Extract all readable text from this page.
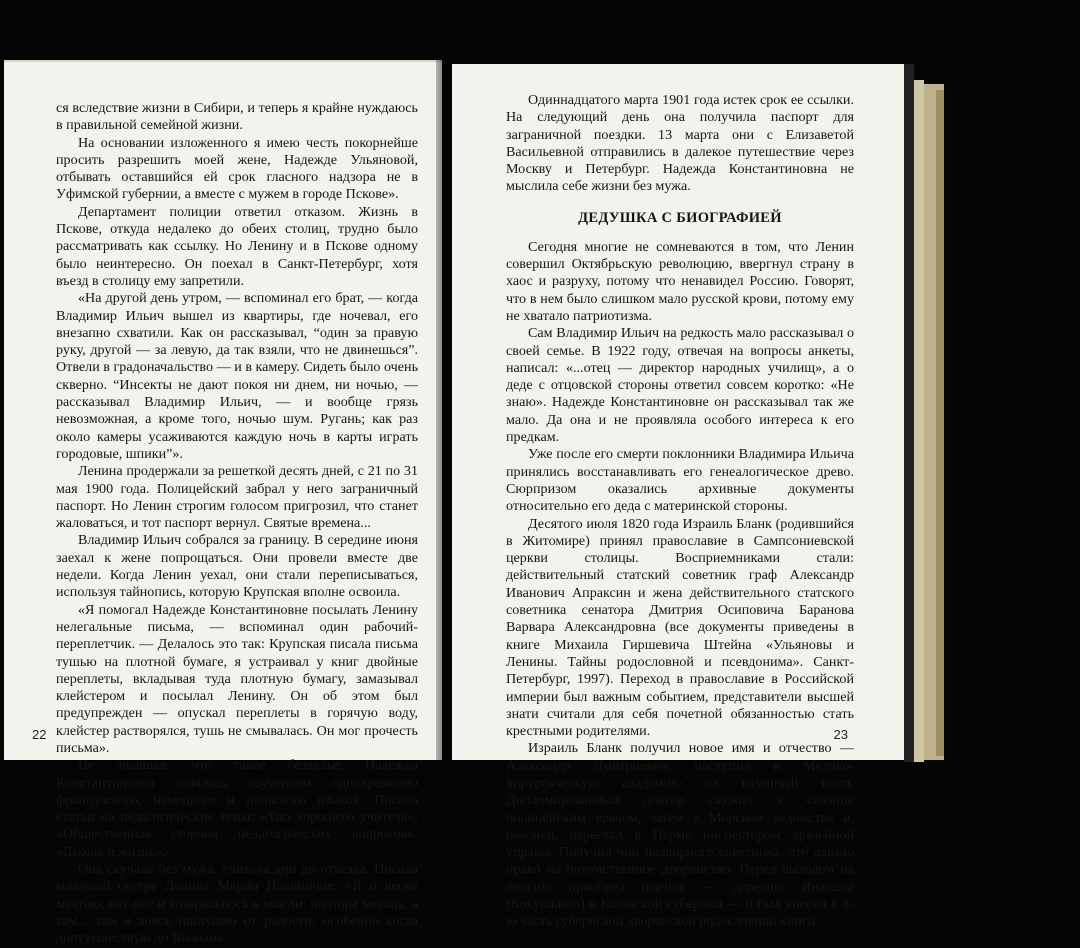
ся вследствие жизни в Сибири, и теперь я крайне нуждаюсь в правильной семейной жизни.

На основании изложенного я имею честь покорнейше просить разрешить моей жене, Надежде Ульяновой, отбывать оставшийся ей срок гласного надзора не в Уфимской губернии, а вместе с мужем в городе Пскове».

Департамент полиции ответил отказом. Жизнь в Пскове, откуда недалеко до обеих столиц, трудно было рассматривать как ссылку. Но Ленину и в Пскове одному было неинтересно. Он поехал в Санкт-Петербург, хотя въезд в столицу ему запретили.

«На другой день утром, — вспоминал его брат, — когда Владимир Ильич вышел из квартиры, где ночевал, его внезапно схватили. Как он рассказывал, “один за правую руку, другой — за левую, да так взяли, что не двинешься”. Отвели в градоначальство — и в камеру. Сидеть было очень скверно. “Инсекты не дают покоя ни днем, ни ночью, — рассказывал Владимир Ильич, — и вообще грязь невозможная, а кроме того, ночью шум. Ругань; как раз около камеры усаживаются каждую ночь в карты играть городовые, шпики”».

Ленина продержали за решеткой десять дней, с 21 по 31 мая 1900 года. Полицейский забрал у него заграничный паспорт. Но Ленин строгим голосом пригрозил, что станет жаловаться, и тот паспорт вернул. Святые времена...

Владимир Ильич собрался за границу. В середине июня заехал к жене попрощаться. Они провели вместе две недели. Когда Ленин уехал, они стали переписываться, используя тайнопись, которую Крупская вполне освоила.

«Я помогал Надежде Константиновне посылать Ленину нелегальные письма, — вспоминал один рабочий-переплетчик. — Делалось это так: Крупская писала письма тушью на плотной бумаге, я устраивал у книг двойные переплеты, вкладывая туда плотную бумагу, замазывал клейстером и посылал Ленину. Он об этом был предупрежден — опускал переплеты в горячую воду, клейстер растворялся, тушь не смывалась. Он мог прочесть письма».

Не знавшая, что такое безделье, Надежда Константиновна занялась изучением одновременно французского, немецкого и польского языков. Писала статьи на педагогические темы: «Тип хорошего учителя», «Общественная сторона педагогических вопросов», «Школа и жизнь».

Она скучала без мужа, считала дни до отъезда. Писала младшей сестре Ленина Марии Ильиничне: «Я о весне мечтаю, нет-нет и возвращаюсь к мысли: полтора месяца, а там... там я вовсе поглупею от радости, особенно когда допутешествую до Володи».

22

Одиннадцатого марта 1901 года истек срок ее ссылки. На следующий день она получила паспорт для заграничной поездки. 13 марта они с Елизаветой Васильевной отправились в далекое путешествие через Москву и Петербург. Надежда Константиновна не мыслила себе жизни без мужа.

ДЕДУШКА С БИОГРАФИЕЙ

Сегодня многие не сомневаются в том, что Ленин совершил Октябрьскую революцию, ввергнул страну в хаос и разруху, потому что ненавидел Россию. Говорят, что в нем было слишком мало русской крови, потому ему не хватало патриотизма.

Сам Владимир Ильич на редкость мало рассказывал о своей семье. В 1922 году, отвечая на вопросы анкеты, написал: «...отец — директор народных училищ», а о деде с отцовской стороны ответил совсем коротко: «Не знаю». Надежде Константиновне он рассказывал так же мало. Да она и не проявляла особого интереса к его предкам.

Уже после его смерти поклонники Владимира Ильича принялись восстанавливать его генеалогическое древо. Сюрпризом оказались архивные документы относительно его деда с материнской стороны.

Десятого июля 1820 года Израиль Бланк (родившийся в Житомире) принял православие в Сампсониевской церкви столицы. Восприемниками стали: действительный статский советник граф Александр Иванович Апраксин и жена действительного статского советника сенатора Дмитрия Осиповича Баранова Варвара Александровна (все документы приведены в книге Михаила Гиршевича Штейна «Ульяновы и Ленины. Тайны родословной и псевдонима». Санкт-Петербург, 1997). Переход в православие в Российской империи был важным событием, представители высшей знати считали для себя почетной обязанностью стать крестными родителями.

Израиль Бланк получил новое имя и отчество — Александр Дмитриевич, поступил в Медико-хирургическую академию на казенный кошт. Дипломированный доктор служил в столице полицейским врачом, затем в Морском ведомстве и, наконец, переехал в Пермь инспектором врачебной управы. Получил чин надворного советника, что давало право на потомственное дворянство. Перед выходом на пенсию приобрел имение — деревню Янасалы (Кокушкино) в Казанской губернии — и был внесен в 3-ю часть губернской дворянской родословной книги.

23
